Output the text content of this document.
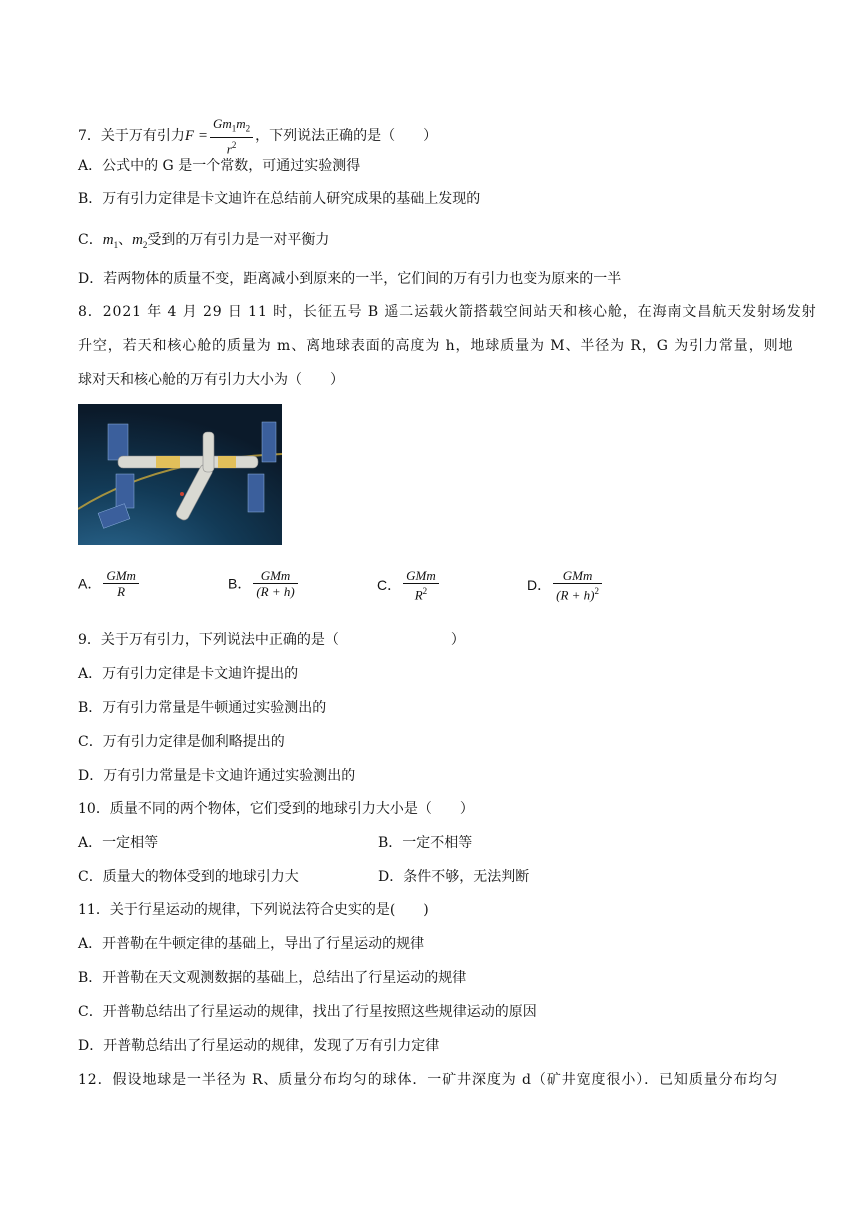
7．关于万有引力$F = \frac{Gm_1m_2}{r^2}$ ，下列说法正确的是（　　）
A．公式中的 G 是一个常数，可通过实验测得
B．万有引力定律是卡文迪许在总结前人研究成果的基础上发现的
C．$m_1$、$m_2$受到的万有引力是一对平衡力
D．若两物体的质量不变，距离减小到原来的一半，它们间的万有引力也变为原来的一半
8．2021 年 4 月 29 日 11 时，长征五号 B 遥二运载火箭搭载空间站天和核心舱，在海南文昌航天发射场发射
升空，若天和核心舱的质量为 m、离地球表面的高度为 h，地球质量为 M、半径为 R，G 为引力常量，则地
球对天和核心舱的万有引力大小为（　　）
A． $\frac{\text{GMm}}{R}$	B． $\frac{\text{GMm}}{(R + h)}$	C． $\frac{\text{GMm}}{R^2}$	D． $\frac{\text{GMm}}{(R + h)^2}$
9．关于万有引力，下列说法中正确的是（　　　　　　　　）
A．万有引力定律是卡文迪许提出的
B．万有引力常量是牛顿通过实验测出的
C．万有引力定律是伽利略提出的
D．万有引力常量是卡文迪许通过实验测出的
10．质量不同的两个物体，它们受到的地球引力大小是（　　）
A．一定相等	B．一定不相等
C．质量大的物体受到的地球引力大	D．条件不够，无法判断
11．关于行星运动的规律，下列说法符合史实的是(　　)
A．开普勒在牛顿定律的基础上，导出了行星运动的规律
B．开普勒在天文观测数据的基础上，总结出了行星运动的规律
C．开普勒总结出了行星运动的规律，找出了行星按照这些规律运动的原因
D．开普勒总结出了行星运动的规律，发现了万有引力定律
12．假设地球是一半径为 R、质量分布均匀的球体．一矿井深度为 d（矿井宽度很小）．已知质量分布均匀
